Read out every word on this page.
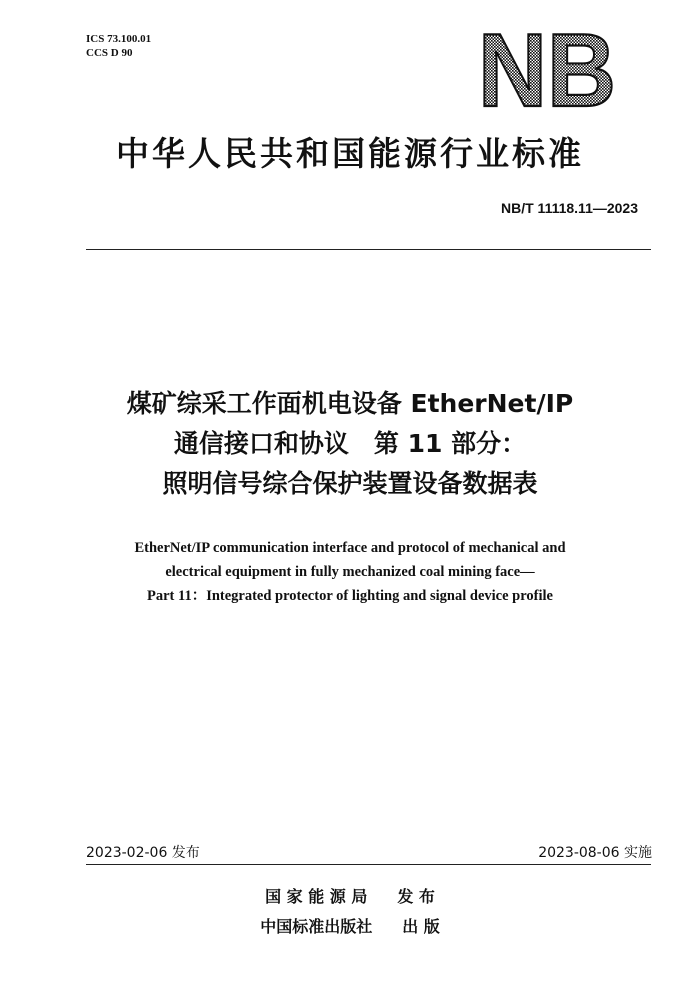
ICS 73.100.01
CCS D 90	NB
中华人民共和国能源行业标准
NB/T 11118.11—2023
煤矿综采工作面机电设备 EtherNet/IP
通信接口和协议　第 11 部分：
照明信号综合保护装置设备数据表
EtherNet/IP communication interface and protocol of mechanical and
electrical equipment in fully mechanized coal mining face—
Part 11：Integrated protector of lighting and signal device profile
2023-02-06 发布	2023-08-06 实施
国 家 能 源 局 发 布
中国标准出版社 出 版
